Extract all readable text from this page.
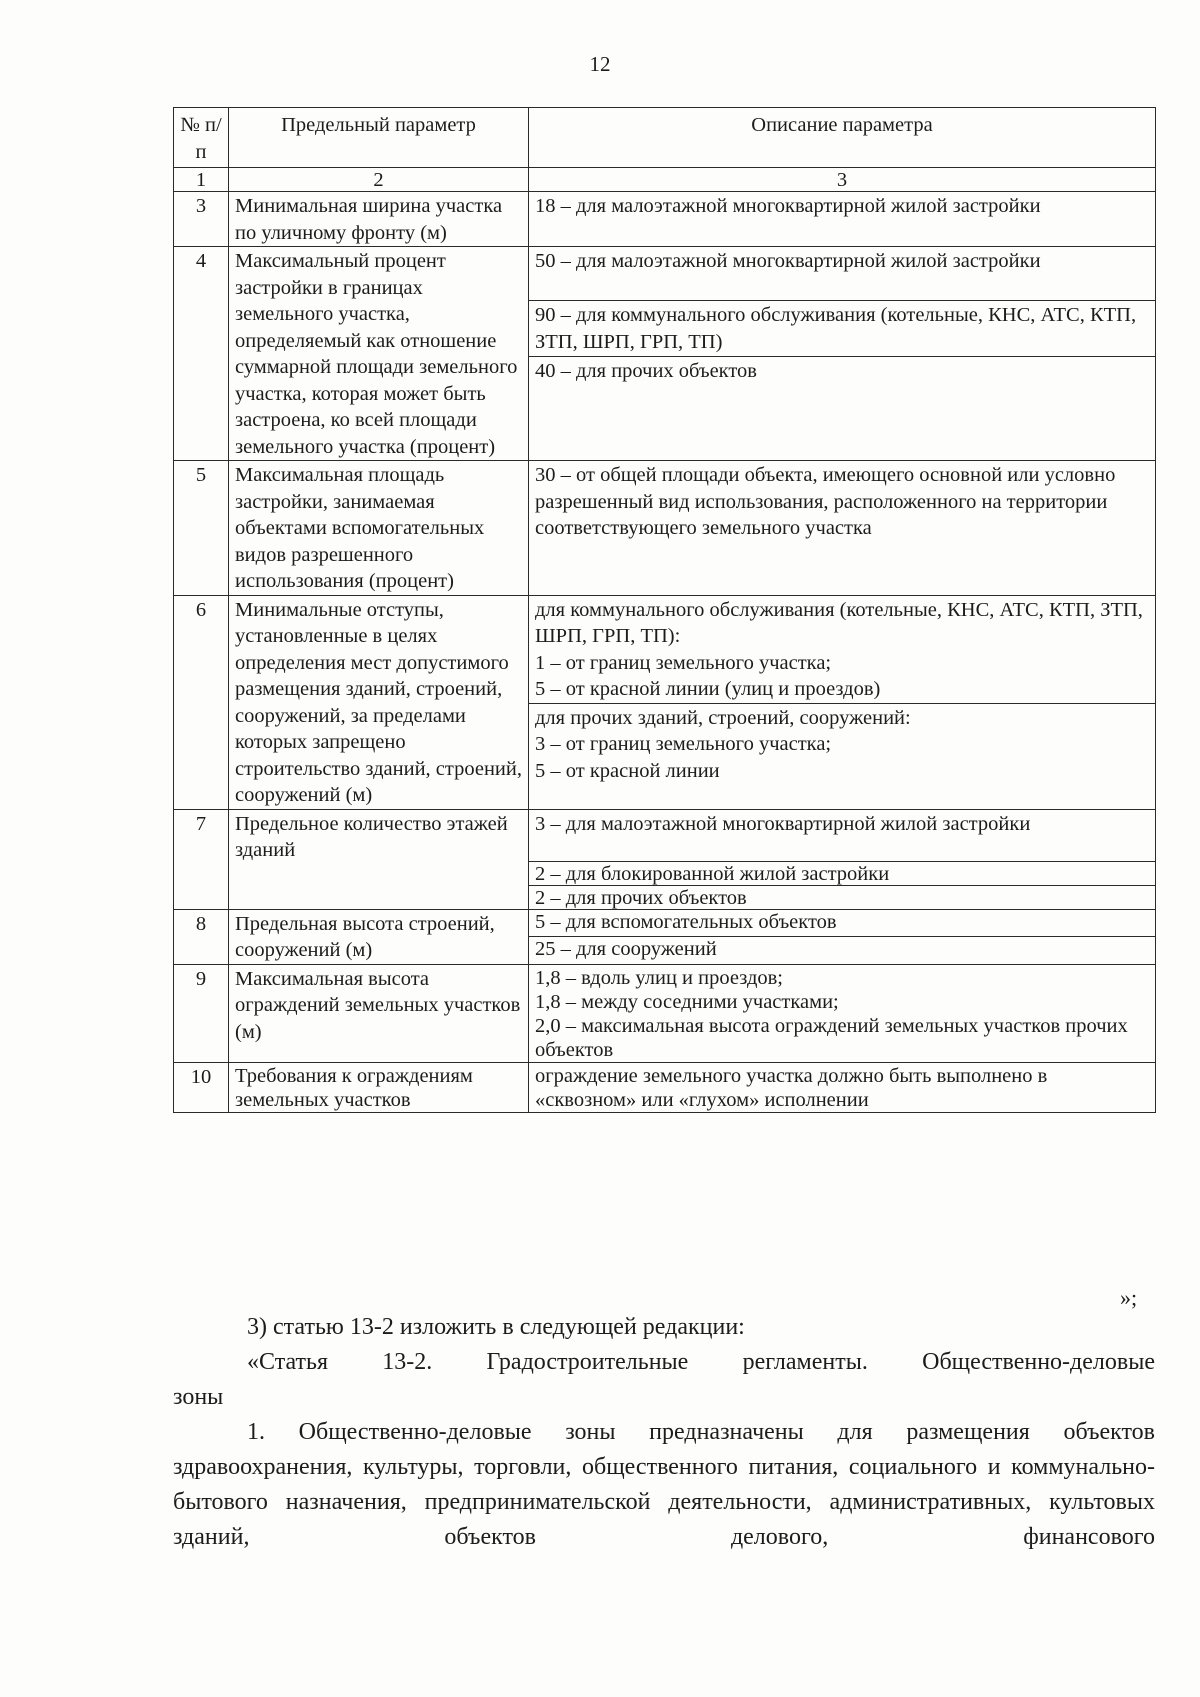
12
№ п/п	Предельный параметр	Описание параметра
1	2	3
3	Минимальная ширина участка по уличному фронту (м)	18 – для малоэтажной многоквартирной жилой застройки
4	Максимальный процент застройки в границах земельного участка, определяемый как отношение суммарной площади земельного участка, которая может быть застроена, ко всей площади земельного участка (процент)	50 – для малоэтажной многоквартирной жилой застройки
		90 – для коммунального обслуживания (котельные, КНС, АТС, КТП, ЗТП, ШРП, ГРП, ТП)
		40 – для прочих объектов
5	Максимальная площадь застройки, занимаемая объектами вспомогательных видов разрешенного использования (процент)	30 – от общей площади объекта, имеющего основной или условно разрешенный вид использования, расположенного на территории соответствующего земельного участка
6	Минимальные отступы, установленные в целях определения мест допустимого размещения зданий, строений, сооружений, за пределами которых запрещено строительство зданий, строений, сооружений (м)	для коммунального обслуживания (котельные, КНС, АТС, КТП, ЗТП, ШРП, ГРП, ТП):
1 – от границ земельного участка;
5 – от красной линии (улиц и проездов)

		для прочих зданий, строений, сооружений:
3 – от границ земельного участка;
5 – от красной линии

7	Предельное количество этажей зданий	3 – для малоэтажной многоквартирной жилой застройки
		2 – для блокированной жилой застройки
		2 – для прочих объектов
8	Предельная высота строений, сооружений (м)	5 – для вспомогательных объектов
		25 – для сооружений
9	Максимальная высота ограждений земельных участков (м)	1,8 – вдоль улиц и проездов;
1,8 – между соседними участками;
2,0 – максимальная высота ограждений земельных участков прочих объектов

10	Требования к ограждениям земельных участков	ограждение земельного участка должно быть выполнено в «сквозном» или «глухом» исполнении
»;

3) статью 13-2 изложить в следующей редакции:

«Статья 13-2. Градостроительные регламенты. Общественно-деловые

зоны

1. Общественно-деловые зоны предназначены для размещения объектов здравоохранения, культуры, торговли, общественного питания, социального и коммунально-бытового назначения, предпринимательской деятельности, административных, культовых зданий, объектов делового, финансового
